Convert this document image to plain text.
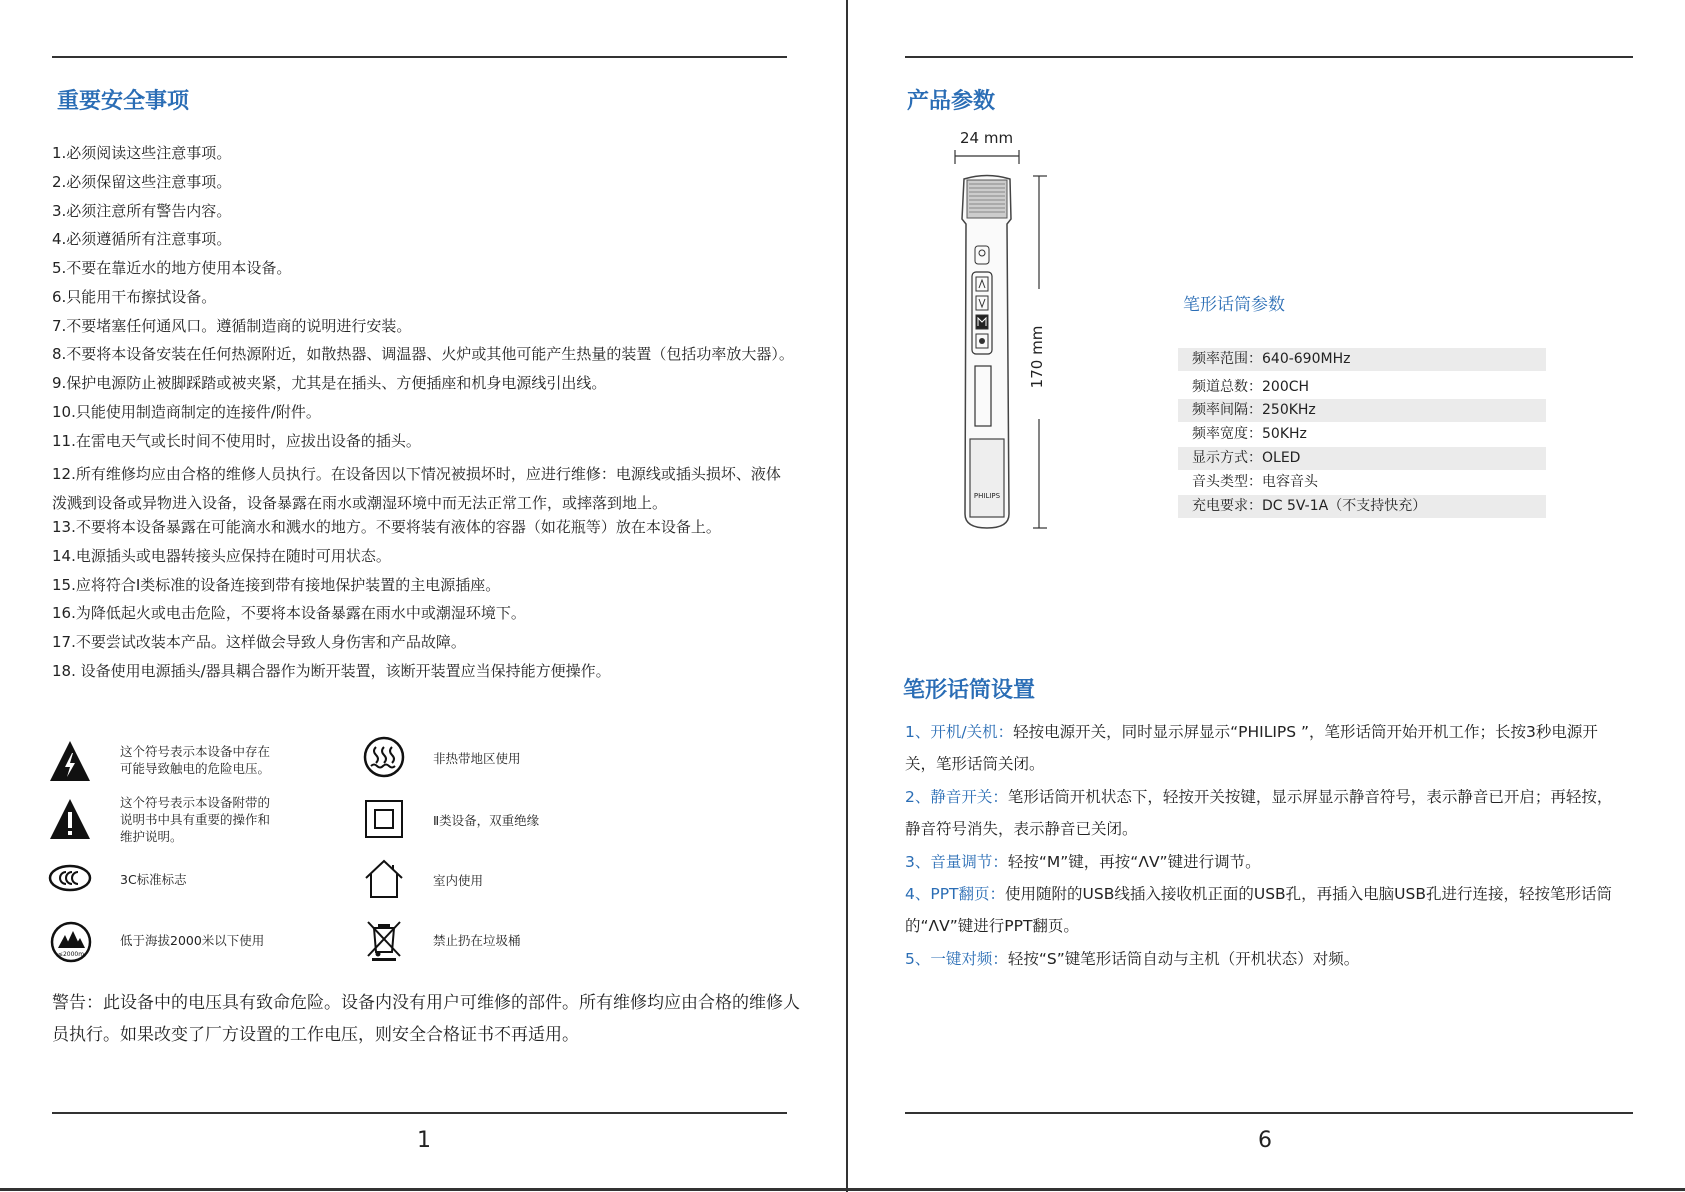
重要安全事项
1.必须阅读这些注意事项。
2.必须保留这些注意事项。
3.必须注意所有警告内容。
4.必须遵循所有注意事项。
5.不要在靠近水的地方使用本设备。
6.只能用干布擦拭设备。
7.不要堵塞任何通风口。遵循制造商的说明进行安装。
8.不要将本设备安装在任何热源附近，如散热器、调温器、火炉或其他可能产生热量的装置（包括功率放大器）。
9.保护电源防止被脚踩踏或被夹紧，尤其是在插头、方便插座和机身电源线引出线。
10.只能使用制造商制定的连接件/附件。
11.在雷电天气或长时间不使用时，应拔出设备的插头。
12.所有维修均应由合格的维修人员执行。在设备因以下情况被损坏时，应进行维修：电源线或插头损坏、液体泼溅到设备或异物进入设备，设备暴露在雨水或潮湿环境中而无法正常工作，或摔落到地上。
13.不要将本设备暴露在可能滴水和溅水的地方。不要将装有液体的容器（如花瓶等）放在本设备上。
14.电源插头或电器转接头应保持在随时可用状态。
15.应将符合Ⅰ类标准的设备连接到带有接地保护装置的主电源插座。
16.为降低起火或电击危险，不要将本设备暴露在雨水中或潮湿环境下。
17.不要尝试改装本产品。这样做会导致人身伤害和产品故障。
18. 设备使用电源插头/器具耦合器作为断开装置，该断开装置应当保持能方便操作。
这个符号表示本设备中存在
可能导致触电的危险电压。
这个符号表示本设备附带的
说明书中具有重要的操作和
维护说明。
3C标准标志
≤2000m
低于海拔2000米以下使用
非热带地区使用
Ⅱ类设备，双重绝缘
室内使用
禁止扔在垃圾桶
警告：此设备中的电压具有致命危险。设备内没有用户可维修的部件。所有维修均应由合格的维修人员执行。如果改变了厂方设置的工作电压，则安全合格证书不再适用。
1
产品参数
PHILIPS
24 mm
170 mm
笔形话筒参数
频率范围：640-690MHz
频道总数：200CH
频率间隔：250KHz
频率宽度：50KHz
显示方式：OLED
音头类型：电容音头
充电要求：DC 5V-1A（不支持快充）
笔形话筒设置
1、开机/关机：轻按电源开关，同时显示屏显示“PHILIPS ”，笔形话筒开始开机工作；长按3秒电源开关，笔形话筒关闭。
2、静音开关：笔形话筒开机状态下，轻按开关按键，显示屏显示静音符号，表示静音已开启；再轻按，静音符号消失，表示静音已关闭。
3、音量调节：轻按“M”键，再按“ΛV”键进行调节。
4、PPT翻页：使用随附的USB线插入接收机正面的USB孔，再插入电脑USB孔进行连接，轻按笔形话筒的“ΛV”键进行PPT翻页。
5、一键对频：轻按“S”键笔形话筒自动与主机（开机状态）对频。
6
